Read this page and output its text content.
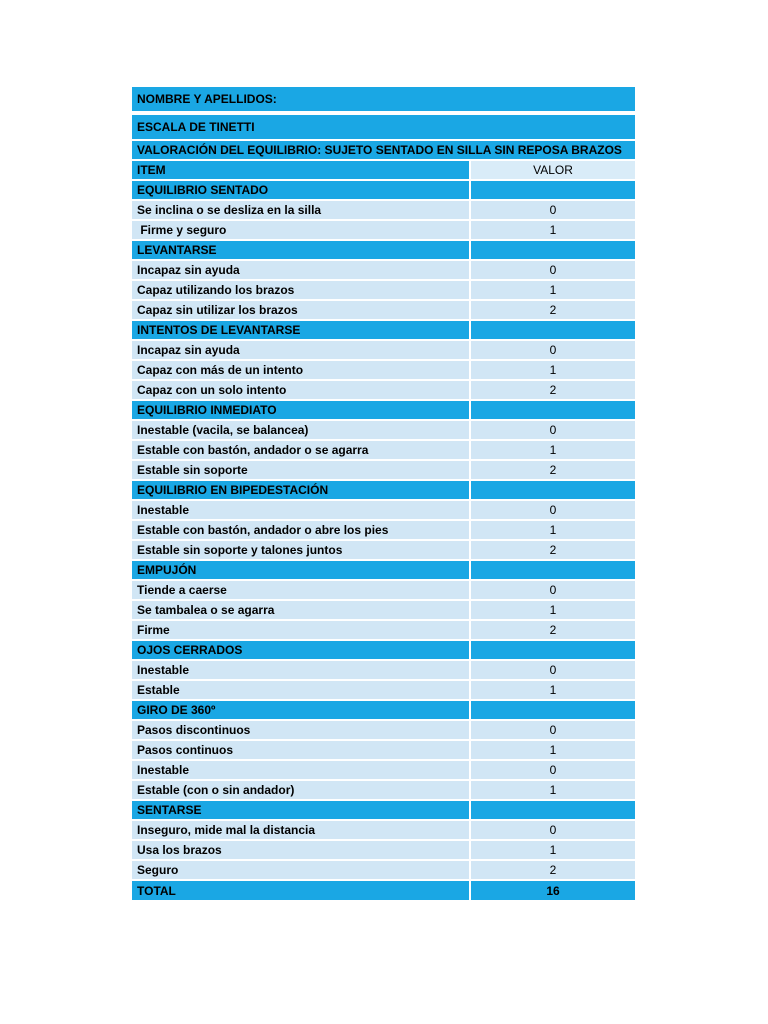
NOMBRE Y APELLIDOS:
ESCALA DE TINETTI
VALORACIÓN DEL EQUILIBRIO: SUJETO SENTADO EN SILLA SIN REPOSA BRAZOS
ITEM	VALOR
EQUILIBRIO SENTADO
Se inclina o se desliza en la silla	0
Firme y seguro	1
LEVANTARSE
Incapaz sin ayuda	0
Capaz utilizando los brazos	1
Capaz sin utilizar los brazos	2
INTENTOS DE LEVANTARSE
Incapaz sin ayuda	0
Capaz con más de un intento	1
Capaz con un solo intento	2
EQUILIBRIO INMEDIATO
Inestable (vacila, se balancea)	0
Estable con bastón, andador o se agarra	1
Estable sin soporte	2
EQUILIBRIO EN BIPEDESTACIÓN
Inestable	0
Estable con bastón, andador o abre los pies	1
Estable sin soporte y talones juntos	2
EMPUJÓN
Tiende a caerse	0
Se tambalea o se agarra	1
Firme	2
OJOS CERRADOS
Inestable	0
Estable	1
GIRO DE 360º
Pasos discontinuos	0
Pasos continuos	1
Inestable	0
Estable (con o sin andador)	1
SENTARSE
Inseguro, mide mal la distancia	0
Usa los brazos	1
Seguro	2
TOTAL	16
